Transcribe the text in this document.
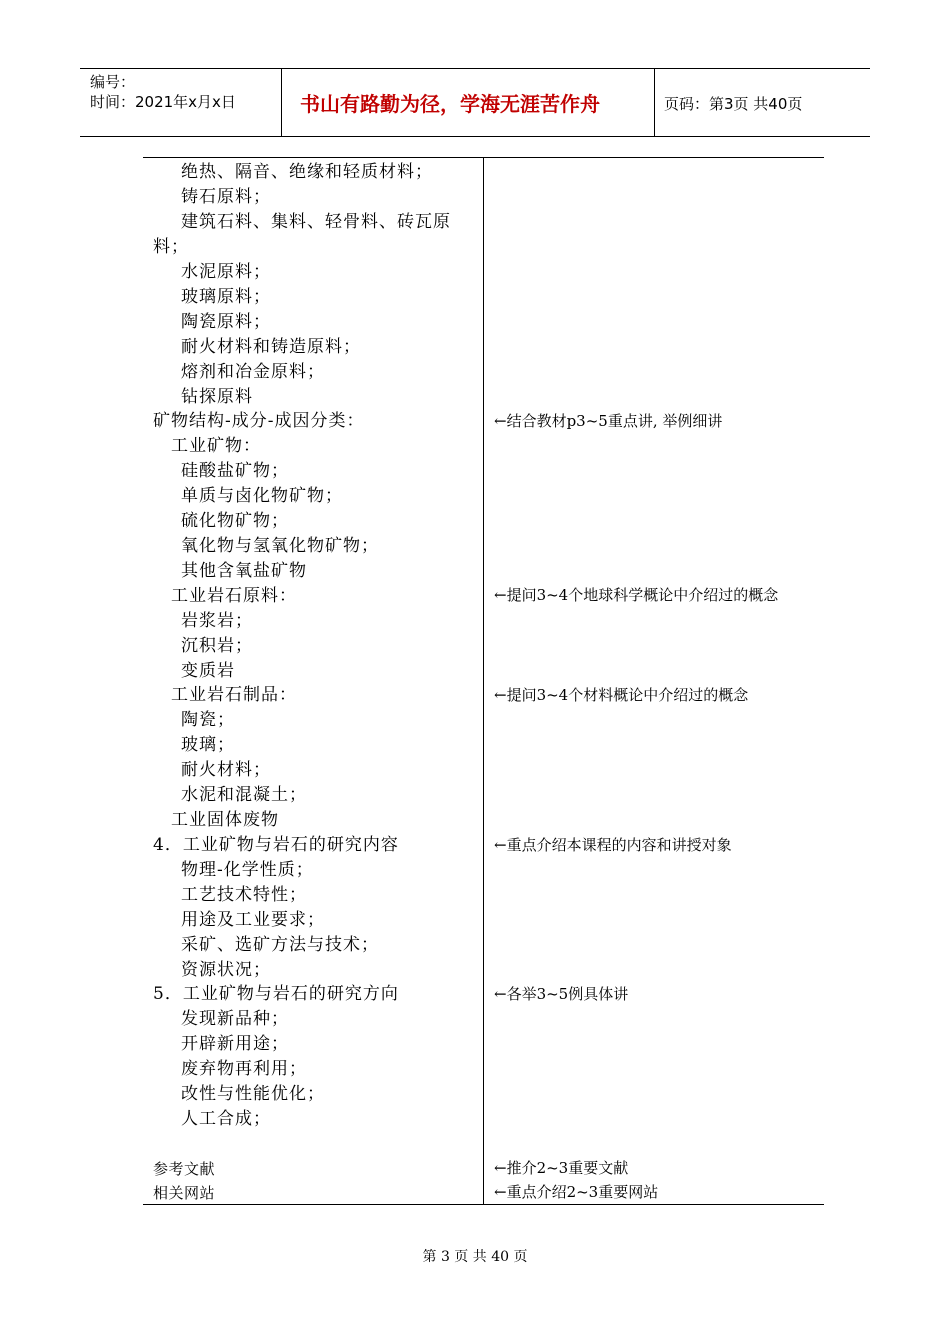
编号：
时间：2021年x月x日	书山有路勤为径，学海无涯苦作舟	页码：第3页 共40页
绝热、隔音、绝缘和轻质材料；
铸石原料；
建筑石料、集料、轻骨料、砖瓦原
料；
水泥原料；
玻璃原料；
陶瓷原料；
耐火材料和铸造原料；
熔剂和冶金原料；
钻探原料
矿物结构-成分-成因分类：
工业矿物：
硅酸盐矿物；
单质与卤化物矿物；
硫化物矿物；
氧化物与氢氧化物矿物；
其他含氧盐矿物
工业岩石原料：
岩浆岩；
沉积岩；
变质岩
工业岩石制品：
陶瓷；
玻璃；
耐火材料；
水泥和混凝土；
工业固体废物
4．工业矿物与岩石的研究内容
物理-化学性质；
工艺技术特性；
用途及工业要求；
采矿、选矿方法与技术；
资源状况；
5．工业矿物与岩石的研究方向
发现新品种；
开辟新用途；
废弃物再利用；
改性与性能优化；
人工合成；
参考文献
相关网站
←结合教材p3~5重点讲, 举例细讲
←提问3~4个地球科学概论中介绍过的概念
←提问3~4个材料概论中介绍过的概念
←重点介绍本课程的内容和讲授对象
←各举3~5例具体讲
←推介2~3重要文献
←重点介绍2~3重要网站
第 3 页 共 40 页
